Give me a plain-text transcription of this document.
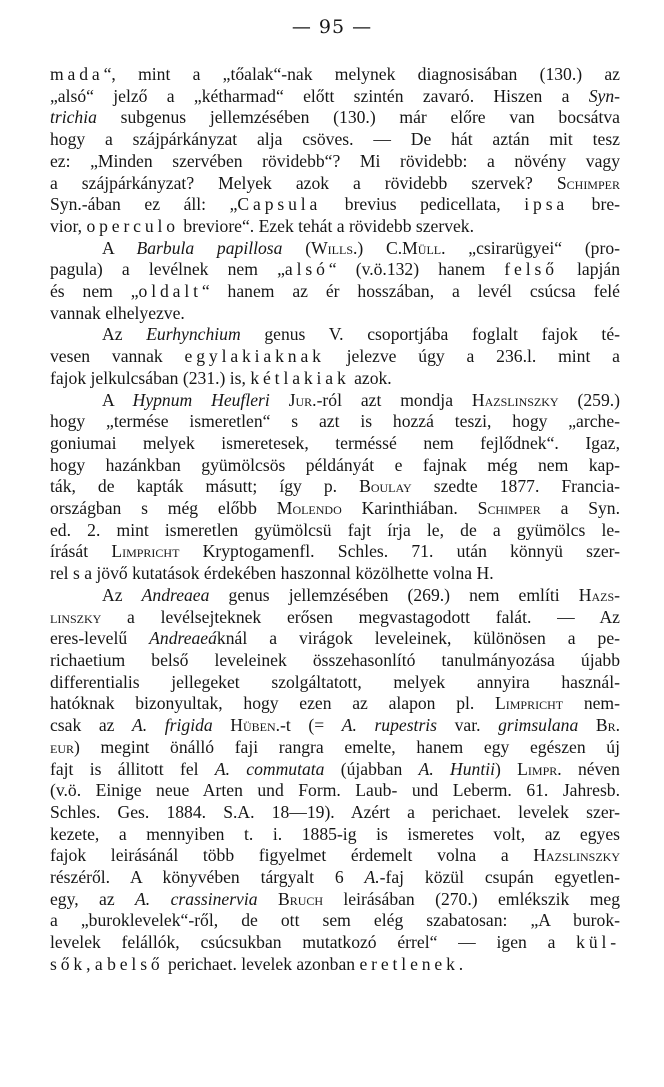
— 95 —
mada“, mint a „tőalak“-nak melynek diagnosisában (130.) az
„alsó“ jelző a „kétharmad“ előtt szintén zavaró. Hiszen a Syn-
trichia subgenus jellemzésében (130.) már előre van bocsátva
hogy a szájpárkányzat alja csöves. — De hát aztán mit tesz
ez: „Minden szervében rövidebb“? Mi rövidebb: a növény vagy
a szájpárkányzat? Melyek azok a rövidebb szervek? Schimper
Syn.-ában ez áll: „Capsula brevius pedicellata, ipsa bre-
vior, operculo breviore“. Ezek tehát a rövidebb szervek.
A Barbula papillosa (Wills.) C.Müll. „csirarügyei“ (pro-
pagula) a levélnek nem „alsó“ (v.ö.132) hanem felső lapján
és nem „oldalt“ hanem az ér hosszában, a levél csúcsa felé
vannak elhelyezve.
Az Eurhynchium genus V. csoportjába foglalt fajok té-
vesen vannak egylakiaknak jelezve úgy a 236.l. mint a
fajok jelkulcsában (231.) is, kétlakiak azok.
A Hypnum Heufleri Jur.-ról azt mondja Hazslinszky (259.)
hogy „termése ismeretlen“ s azt is hozzá teszi, hogy „arche-
goniumai melyek ismeretesek, terméssé nem fejlődnek“. Igaz,
hogy hazánkban gyümölcsös példányát e fajnak még nem kap-
ták, de kapták másutt; így p. Boulay szedte 1877. Francia-
országban s még előbb Molendo Karinthiában. Schimper a Syn.
ed. 2. mint ismeretlen gyümölcsü fajt írja le, de a gyümölcs le-
írását Limpricht Kryptogamenfl. Schles. 71. után könnyü szer-
rel s a jövő kutatások érdekében haszonnal közölhette volna H.
Az Andreaea genus jellemzésében (269.) nem említi Hazs-
linszky a levélsejteknek erősen megvastagodott falát. — Az
eres-levelű Andreaeáknál a virágok leveleinek, különösen a pe-
richaetium belső leveleinek összehasonlító tanulmányozása újabb
differentialis jellegeket szolgáltatott, melyek annyira használ-
hatóknak bizonyultak, hogy ezen az alapon pl. Limpricht nem-
csak az A. frigida Hüben.-t (= A. rupestris var. grimsulana Br.
eur) megint önálló faji rangra emelte, hanem egy egészen új
fajt is állitott fel A. commutata (újabban A. Huntii) Limpr. néven
(v.ö. Einige neue Arten und Form. Laub- und Leberm. 61. Jahresb.
Schles. Ges. 1884. S.A. 18—19). Azért a perichaet. levelek szer-
kezete, a mennyiben t. i. 1885-ig is ismeretes volt, az egyes
fajok leirásánál több figyelmet érdemelt volna a Hazslinszky
részéről. A könyvében tárgyalt 6 A.-faj közül csupán egyetlen-
egy, az A. crassinervia Bruch leirásában (270.) emlékszik meg
a „buroklevelek“-ről, de ott sem elég szabatosan: „A burok-
levelek felállók, csúcsukban mutatkozó érrel“ — igen a kül-
sők, a belső perichaet. levelek azonban eretlenek.
